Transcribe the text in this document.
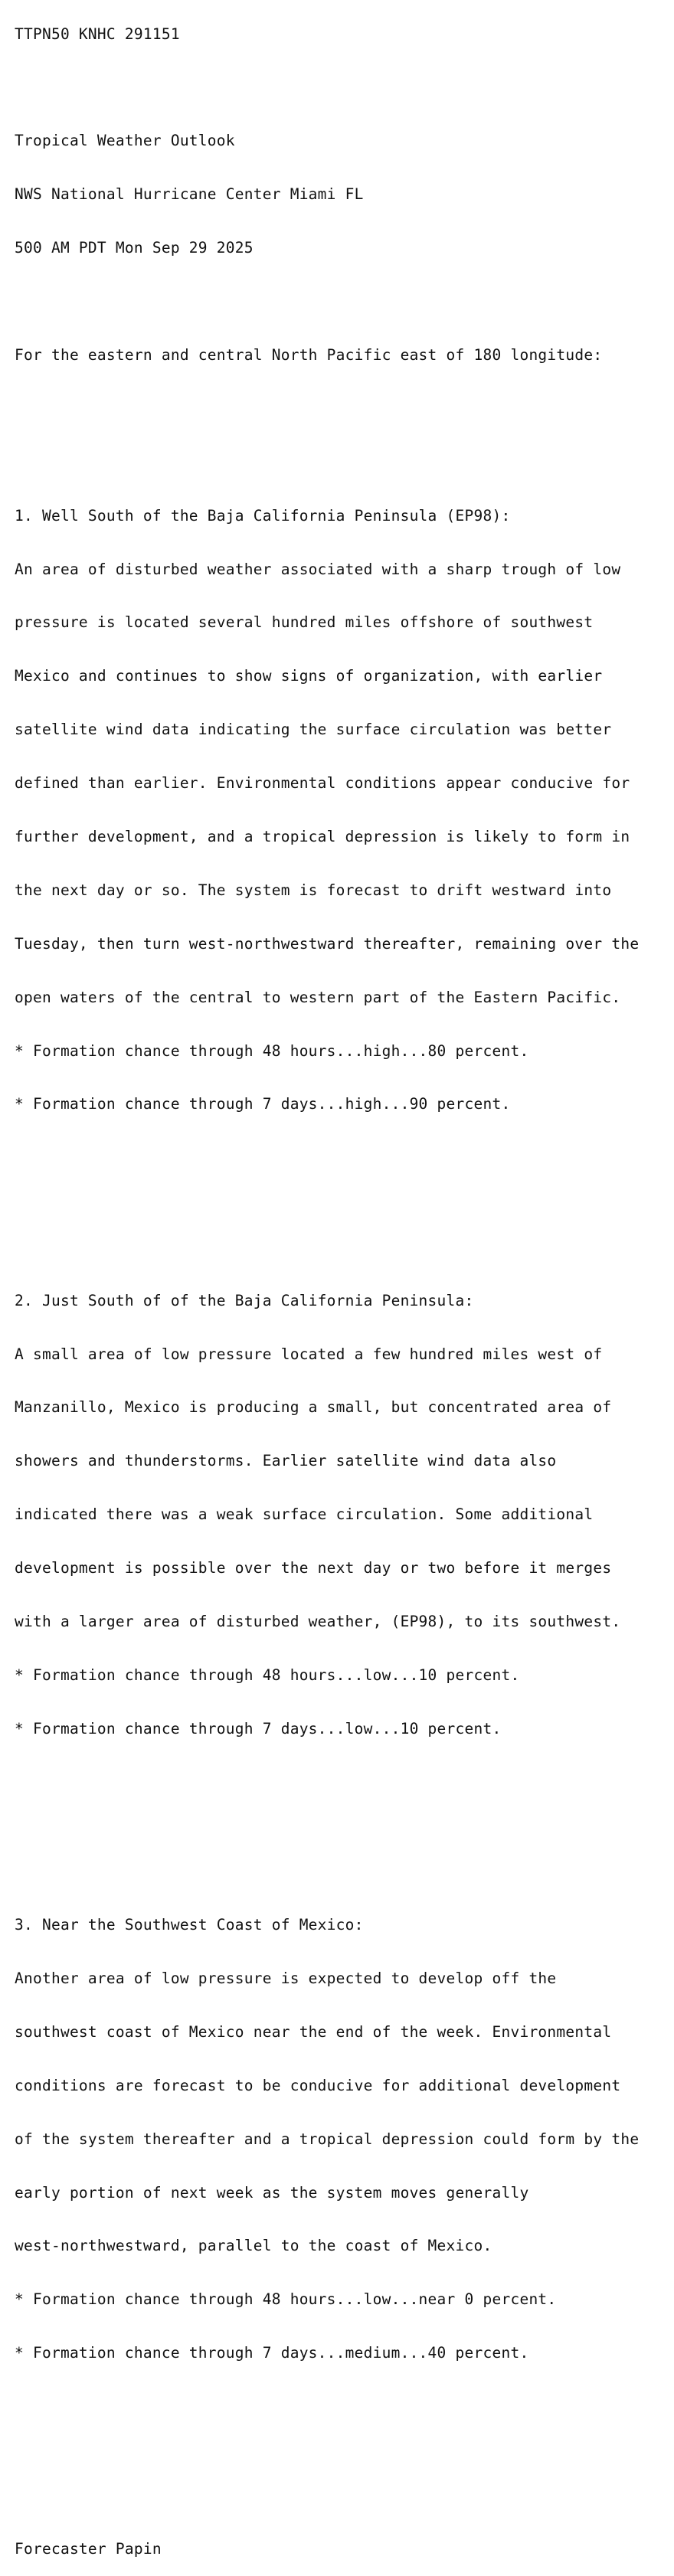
TTPN50 KNHC 291151

Tropical Weather Outlook

NWS National Hurricane Center Miami FL

500 AM PDT Mon Sep 29 2025

For the eastern and central North Pacific east of 180 longitude:

1. Well South of the Baja California Peninsula (EP98):

An area of disturbed weather associated with a sharp trough of low

pressure is located several hundred miles offshore of southwest

Mexico and continues to show signs of organization, with earlier

satellite wind data indicating the surface circulation was better

defined than earlier. Environmental conditions appear conducive for

further development, and a tropical depression is likely to form in

the next day or so. The system is forecast to drift westward into

Tuesday, then turn west-northwestward thereafter, remaining over the

open waters of the central to western part of the Eastern Pacific.

* Formation chance through 48 hours...high...80 percent.

* Formation chance through 7 days...high...90 percent.

2. Just South of of the Baja California Peninsula:

A small area of low pressure located a few hundred miles west of

Manzanillo, Mexico is producing a small, but concentrated area of

showers and thunderstorms. Earlier satellite wind data also

indicated there was a weak surface circulation. Some additional

development is possible over the next day or two before it merges

with a larger area of disturbed weather, (EP98), to its southwest.

* Formation chance through 48 hours...low...10 percent.

* Formation chance through 7 days...low...10 percent.

3. Near the Southwest Coast of Mexico:

Another area of low pressure is expected to develop off the

southwest coast of Mexico near the end of the week. Environmental

conditions are forecast to be conducive for additional development

of the system thereafter and a tropical depression could form by the

early portion of next week as the system moves generally

west-northwestward, parallel to the coast of Mexico.

* Formation chance through 48 hours...low...near 0 percent.

* Formation chance through 7 days...medium...40 percent.

Forecaster Papin
